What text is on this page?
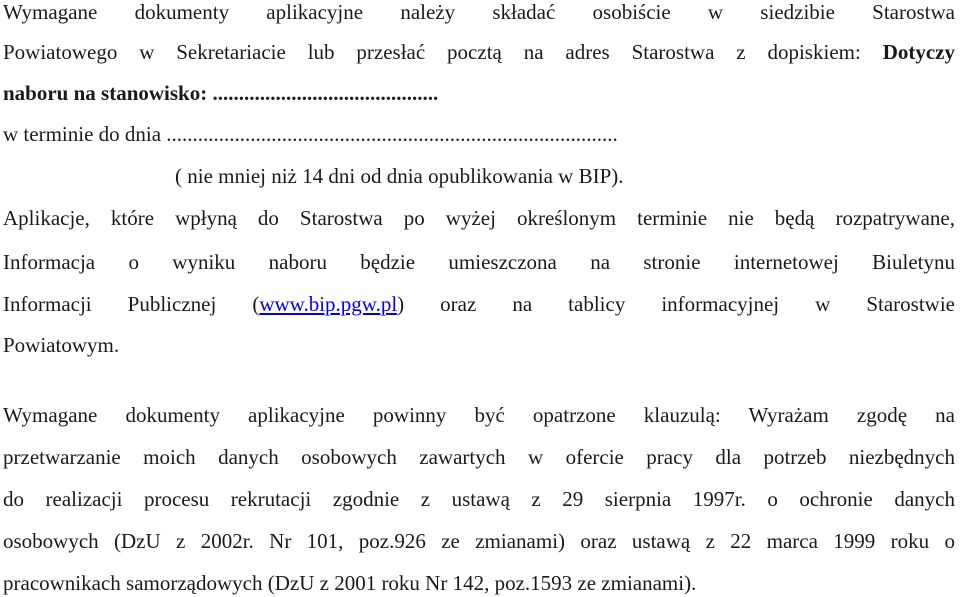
Wymagane dokumenty aplikacyjne należy składać osobiście w siedzibie Starostwa
Powiatowego w Sekretariacie lub przesłać pocztą na adres Starostwa z dopiskiem: Dotyczy
naboru na stanowisko: ...........................................
w terminie do dnia ......................................................................................
( nie mniej niż 14 dni od dnia opublikowania w BIP).
Aplikacje, które wpłyną do Starostwa po wyżej określonym terminie nie będą rozpatrywane,
Informacja o wyniku naboru będzie umieszczona na stronie internetowej Biuletynu
Informacji Publicznej (www.bip.pgw.pl) oraz na tablicy informacyjnej w Starostwie
Powiatowym.
Wymagane dokumenty aplikacyjne powinny być opatrzone klauzulą: Wyrażam zgodę na
przetwarzanie moich danych osobowych zawartych w ofercie pracy dla potrzeb niezbędnych
do realizacji procesu rekrutacji zgodnie z ustawą z 29 sierpnia 1997r. o ochronie danych
osobowych (DzU z 2002r. Nr 101, poz.926 ze zmianami) oraz ustawą z 22 marca 1999 roku o
pracownikach samorządowych (DzU z 2001 roku Nr 142, poz.1593 ze zmianami).
